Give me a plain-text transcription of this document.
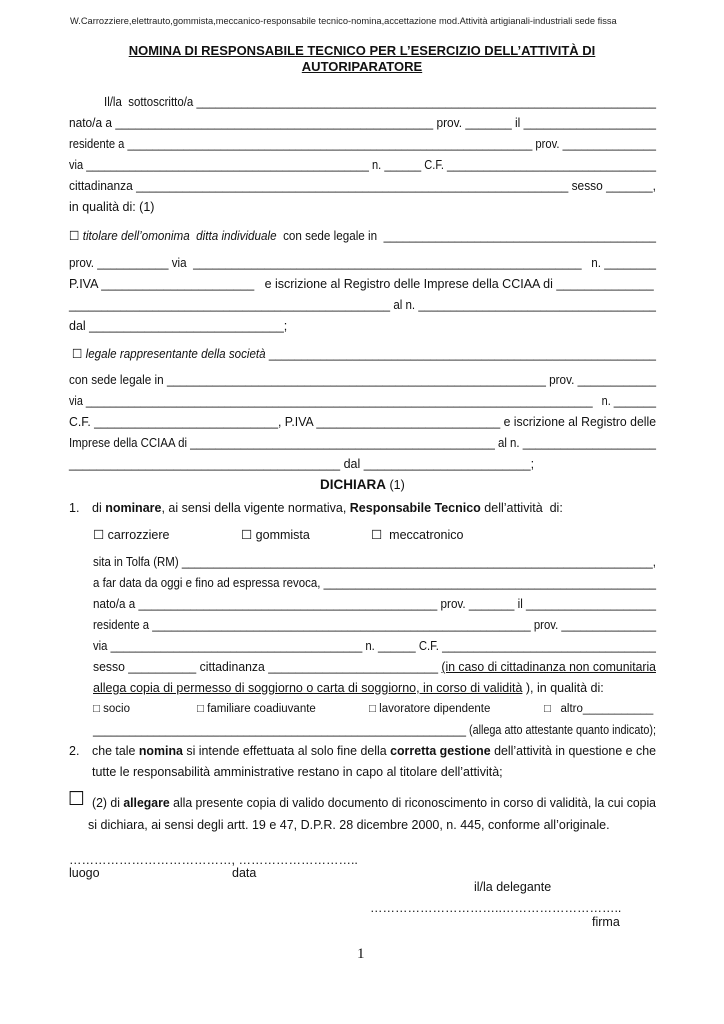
W.Carrozziere,elettrauto,gommista,meccanico-responsabile tecnico-nomina,accettazione mod.Attività artigianali-industriali sede fissa
NOMINA DI RESPONSABILE TECNICO PER L’ESERCIZIO DELL’ATTIVITÀ DI
AUTORIPARATORE
Il/la  sottoscritto/a ________________________________________________________________________
nato/a a ________________________________________________ prov. _______ il ____________________
residente a _________________________________________________________________ prov. _______________
via ______________________________________________ n. ______ C.F. __________________________________
cittadinanza _________________________________________________________________ sesso _______,
in qualità di: (1)
☐ titolare dell’omonima  ditta individuale  con sede legale in  __________________________________________
prov. ___________ via  ____________________________________________________________   n. ________
P.IVA ______________________   e iscrizione al Registro delle Imprese della CCIAA di ______________
__________________________________________________ al n. _____________________________________
dal ____________________________;
☐ legale rappresentante della società ____________________________________________________________
con sede legale in __________________________________________________________ prov. ____________
via ____________________________________________________________________________________   n. _______
C.F. ___________________________, P.IVA ___________________________ e iscrizione al Registro delle
Imprese della CCIAA di ________________________________________________ al n. _____________________
_______________________________________ dal ________________________;
DICHIARA (1)
1. di nominare, ai sensi della vigente normativa, Responsabile Tecnico dell’attività  di:
☐ carrozziere	☐ gommista	☐  meccatronico
sita in Tolfa (RM) __________________________________________________________________________,
a far data da oggi e fino ad espressa revoca, ____________________________________________________
nato/a a ______________________________________________ prov. _______ il ____________________
residente a ____________________________________________________________ prov. _______________
via ________________________________________ n. ______ C.F. __________________________________
sesso __________ cittadinanza _________________________ (in caso di cittadinanza non comunitaria
allega copia di permesso di soggiorno o carta di soggiorno, in corso di validità ), in qualità di:
□ socio	□ familiare coadiuvante	□ lavoratore dipendente	□   altro___________
______________________________________________________________ (allega atto attestante quanto indicato);
2. che tale nomina si intende effettuata al solo fine della corretta gestione dell’attività in questione e che
tutte le responsabilità amministrative restano in capo al titolare dell’attività;
☐ (2) di allegare alla presente copia di valido documento di riconoscimento in corso di validità, la cui copia
si dichiara, ai sensi degli artt. 19 e 47, D.P.R. 28 dicembre 2000, n. 445, conforme all’originale.
…………………………………, ………………………..
luogo	data
il/la delegante
…………………………..………………………..
firma
1
